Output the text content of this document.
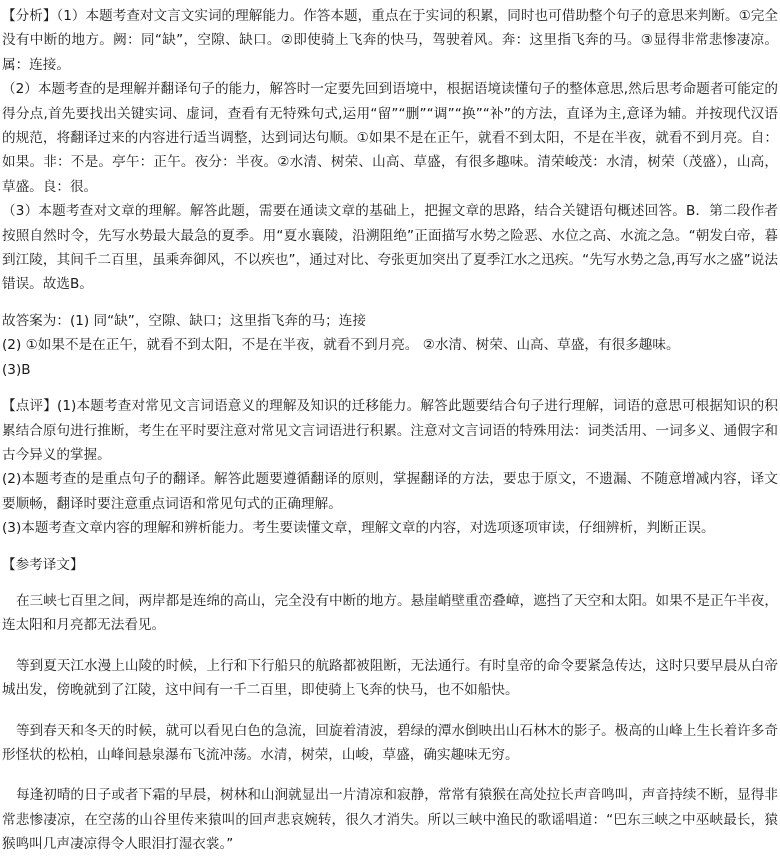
【分析】（1）本题考查对文言文实词的理解能力。作答本题，重点在于实词的积累，同时也可借助整个句子的意思来判断。①完全没有中断的地方。阙：同“缺”，空隙、缺口。②即使骑上飞奔的快马，驾驶着风。奔：这里指飞奔的马。③显得非常悲惨凄凉。属：连接。

（2）本题考查的是理解并翻译句子的能力，解答时一定要先回到语境中，根据语境读懂句子的整体意思,然后思考命题者可能定的得分点,首先要找出关键实词、虚词，查看有无特殊句式,运用“留”“删”“调”“换”“补”的方法，直译为主,意译为辅。并按现代汉语的规范，将翻译过来的内容进行适当调整，达到词达句顺。①如果不是在正午，就看不到太阳，不是在半夜，就看不到月亮。自：如果。非：不是。亭午：正午。夜分：半夜。②水清、树荣、山高、草盛，有很多趣味。清荣峻茂：水清，树荣（茂盛），山高，草盛。良：很。

（3）本题考查对文章的理解。解答此题，需要在通读文章的基础上，把握文章的思路，结合关键语句概述回答。B．第二段作者按照自然时令，先写水势最大最急的夏季。用“夏水襄陵，沿溯阻绝”正面描写水势之险恶、水位之高、水流之急。“朝发白帝，暮到江陵，其间千二百里，虽乘奔御风，不以疾也”，通过对比、夸张更加突出了夏季江水之迅疾。“先写水势之急,再写水之盛”说法错误。故选B。

故答案为：(1) 同“缺”，空隙、缺口；这里指飞奔的马；连接

(2) ①如果不是在正午，就看不到太阳，不是在半夜，就看不到月亮。 ②水清、树荣、山高、草盛，有很多趣味。

(3)B

【点评】(1)本题考查对常见文言词语意义的理解及知识的迁移能力。解答此题要结合句子进行理解，词语的意思可根据知识的积累结合原句进行推断，考生在平时要注意对常见文言词语进行积累。注意对文言词语的特殊用法：词类活用、一词多义、通假字和古今异义的掌握。

(2)本题考查的是重点句子的翻译。解答此题要遵循翻译的原则，掌握翻译的方法，要忠于原文，不遗漏、不随意增减内容，译文要顺畅，翻译时要注意重点词语和常见句式的正确理解。

(3)本题考查文章内容的理解和辨析能力。考生要读懂文章，理解文章的内容，对选项逐项审读，仔细辨析，判断正误。

【参考译文】

在三峡七百里之间，两岸都是连绵的高山，完全没有中断的地方。悬崖峭壁重峦叠嶂，遮挡了天空和太阳。如果不是正午半夜，连太阳和月亮都无法看见。

等到夏天江水漫上山陵的时候，上行和下行船只的航路都被阻断，无法通行。有时皇帝的命令要紧急传达，这时只要早晨从白帝城出发，傍晚就到了江陵，这中间有一千二百里，即使骑上飞奔的快马，也不如船快。

等到春天和冬天的时候，就可以看见白色的急流，回旋着清波，碧绿的潭水倒映出山石林木的影子。极高的山峰上生长着许多奇形怪状的松柏，山峰间悬泉瀑布飞流冲荡。水清，树荣，山峻，草盛，确实趣味无穷。

每逢初晴的日子或者下霜的早晨，树林和山涧就显出一片清凉和寂静，常常有猿猴在高处拉长声音鸣叫，声音持续不断，显得非常悲惨凄凉，在空荡的山谷里传来猿叫的回声悲哀婉转，很久才消失。所以三峡中渔民的歌谣唱道：“巴东三峡之中巫峡最长，猿猴鸣叫几声凄凉得令人眼泪打湿衣裳。”
